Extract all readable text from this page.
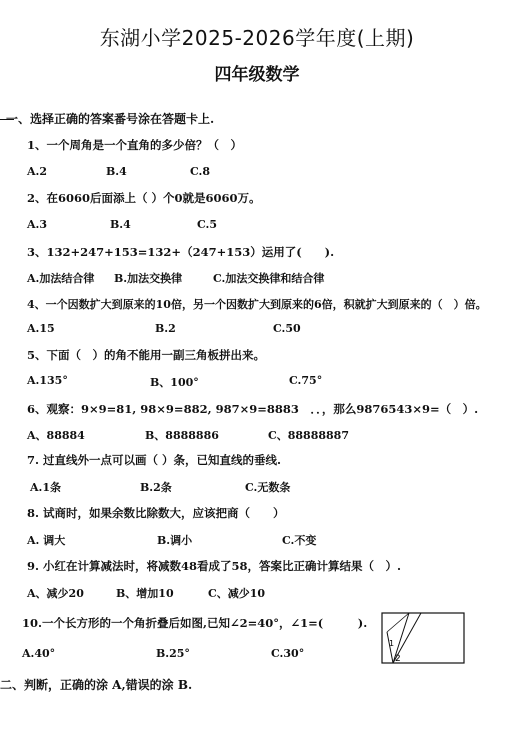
东湖小学2025-2026学年度(上期)
四年级数学
一、选择正确的答案番号涂在答题卡上.
1、一个周角是一个直角的多少倍？（　）
A.2	B.4	C.8
2、在6060后面添上（ ）个0就是6060万。
A.3	B.4	C.5
3、132+247+153=132+（247+153）运用了(　　).
A.加法结合律 B.加法交换律	C.加法交换律和结合律
4、一个因数扩大到原来的10倍，另一个因数扩大到原来的6倍，积就扩大到原来的（　）倍。
A.15	B.2	C.50
5、下面（　）的角不能用一副三角板拼出来。
A.135°	B、100°	C.75°
6、观察：9×9=81, 98×9=882, 987×9=8883　．．，那么9876543×9=（　）.
A、88884	B、8888886	C、88888887
7. 过直线外一点可以画（ ）条，已知直线的垂线.
A.1条	B.2条	C.无数条
8. 试商时，如果余数比除数大，应该把商（　　）
A. 调大	B.调小	C.不变
9. 小红在计算减法时，将减数48看成了58，答案比正确计算结果（　）.
A、减少20	B、增加10	C、减少10
10.一个长方形的一个角折叠后如图,已知∠2=40°，∠1=(　　　).
A.40°	B.25°	C.30°
1
2
二、判断，正确的涂 A,错误的涂 B.
